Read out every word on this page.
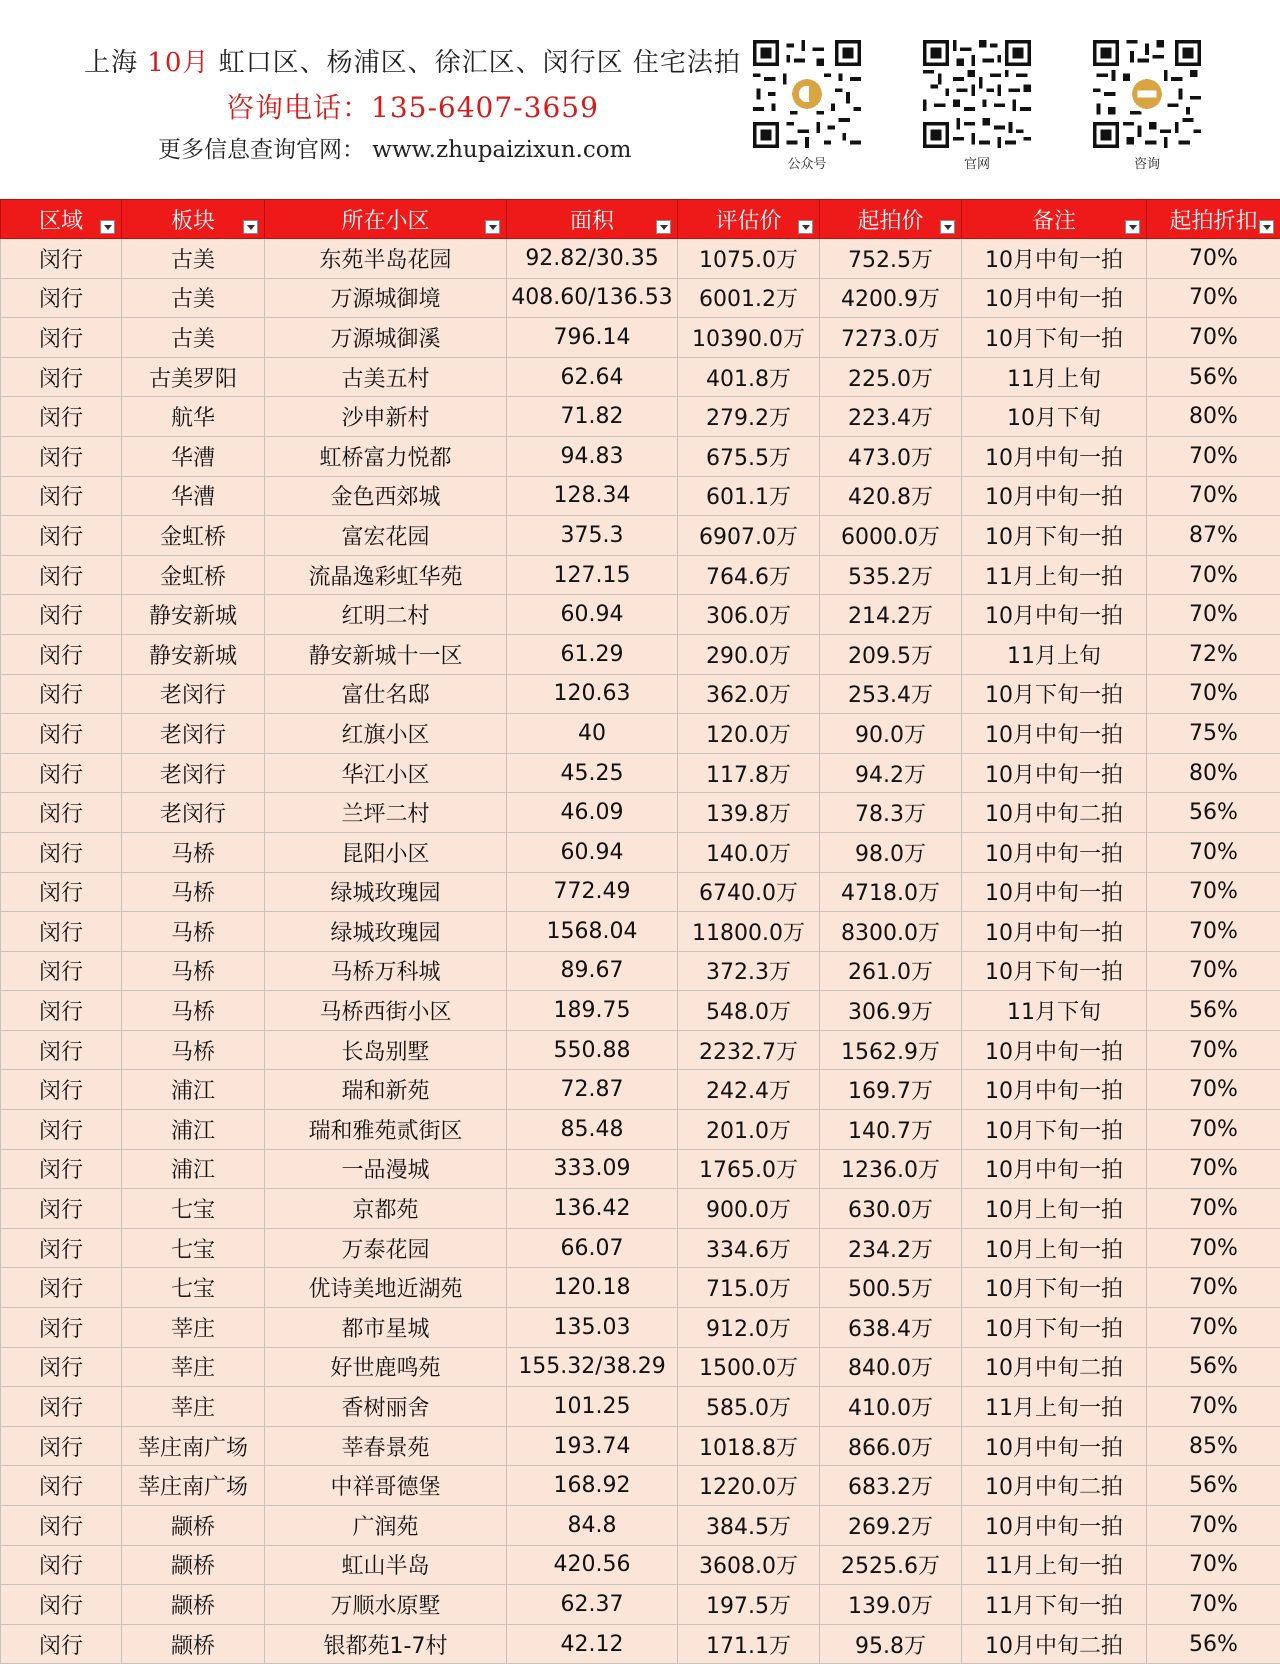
上海 10月 虹口区、杨浦区、徐汇区、闵行区 住宅法拍
咨询电话：135-6407-3659
更多信息查询官网： www.zhupaizixun.com
公众号	官网	咨询
区域	板块	所在小区	面积	评估价	起拍价	备注	起拍折扣

闵行	古美	东苑半岛花园	92.82/30.35	1075.0万	752.5万	10月中旬一拍	70%
闵行	古美	万源城御境	408.60/136.53	6001.2万	4200.9万	10月中旬一拍	70%
闵行	古美	万源城御溪	796.14	10390.0万	7273.0万	10月下旬一拍	70%
闵行	古美罗阳	古美五村	62.64	401.8万	225.0万	11月上旬	56%
闵行	航华	沙申新村	71.82	279.2万	223.4万	10月下旬	80%
闵行	华漕	虹桥富力悦都	94.83	675.5万	473.0万	10月中旬一拍	70%
闵行	华漕	金色西郊城	128.34	601.1万	420.8万	10月中旬一拍	70%
闵行	金虹桥	富宏花园	375.3	6907.0万	6000.0万	10月下旬一拍	87%
闵行	金虹桥	流晶逸彩虹华苑	127.15	764.6万	535.2万	11月上旬一拍	70%
闵行	静安新城	红明二村	60.94	306.0万	214.2万	10月中旬一拍	70%
闵行	静安新城	静安新城十一区	61.29	290.0万	209.5万	11月上旬	72%
闵行	老闵行	富仕名邸	120.63	362.0万	253.4万	10月下旬一拍	70%
闵行	老闵行	红旗小区	40	120.0万	90.0万	10月中旬一拍	75%
闵行	老闵行	华江小区	45.25	117.8万	94.2万	10月中旬一拍	80%
闵行	老闵行	兰坪二村	46.09	139.8万	78.3万	10月中旬二拍	56%
闵行	马桥	昆阳小区	60.94	140.0万	98.0万	10月中旬一拍	70%
闵行	马桥	绿城玫瑰园	772.49	6740.0万	4718.0万	10月中旬一拍	70%
闵行	马桥	绿城玫瑰园	1568.04	11800.0万	8300.0万	10月中旬一拍	70%
闵行	马桥	马桥万科城	89.67	372.3万	261.0万	10月下旬一拍	70%
闵行	马桥	马桥西街小区	189.75	548.0万	306.9万	11月下旬	56%
闵行	马桥	长岛别墅	550.88	2232.7万	1562.9万	10月中旬一拍	70%
闵行	浦江	瑞和新苑	72.87	242.4万	169.7万	10月中旬一拍	70%
闵行	浦江	瑞和雅苑贰街区	85.48	201.0万	140.7万	10月下旬一拍	70%
闵行	浦江	一品漫城	333.09	1765.0万	1236.0万	10月中旬一拍	70%
闵行	七宝	京都苑	136.42	900.0万	630.0万	10月上旬一拍	70%
闵行	七宝	万泰花园	66.07	334.6万	234.2万	10月上旬一拍	70%
闵行	七宝	优诗美地近湖苑	120.18	715.0万	500.5万	10月下旬一拍	70%
闵行	莘庄	都市星城	135.03	912.0万	638.4万	10月下旬一拍	70%
闵行	莘庄	好世鹿鸣苑	155.32/38.29	1500.0万	840.0万	10月中旬二拍	56%
闵行	莘庄	香树丽舍	101.25	585.0万	410.0万	11月上旬一拍	70%
闵行	莘庄南广场	莘春景苑	193.74	1018.8万	866.0万	10月中旬一拍	85%
闵行	莘庄南广场	中祥哥德堡	168.92	1220.0万	683.2万	10月中旬二拍	56%
闵行	颛桥	广润苑	84.8	384.5万	269.2万	10月中旬一拍	70%
闵行	颛桥	虹山半岛	420.56	3608.0万	2525.6万	11月上旬一拍	70%
闵行	颛桥	万顺水原墅	62.37	197.5万	139.0万	11月下旬一拍	70%
闵行	颛桥	银都苑1-7村	42.12	171.1万	95.8万	10月中旬二拍	56%
